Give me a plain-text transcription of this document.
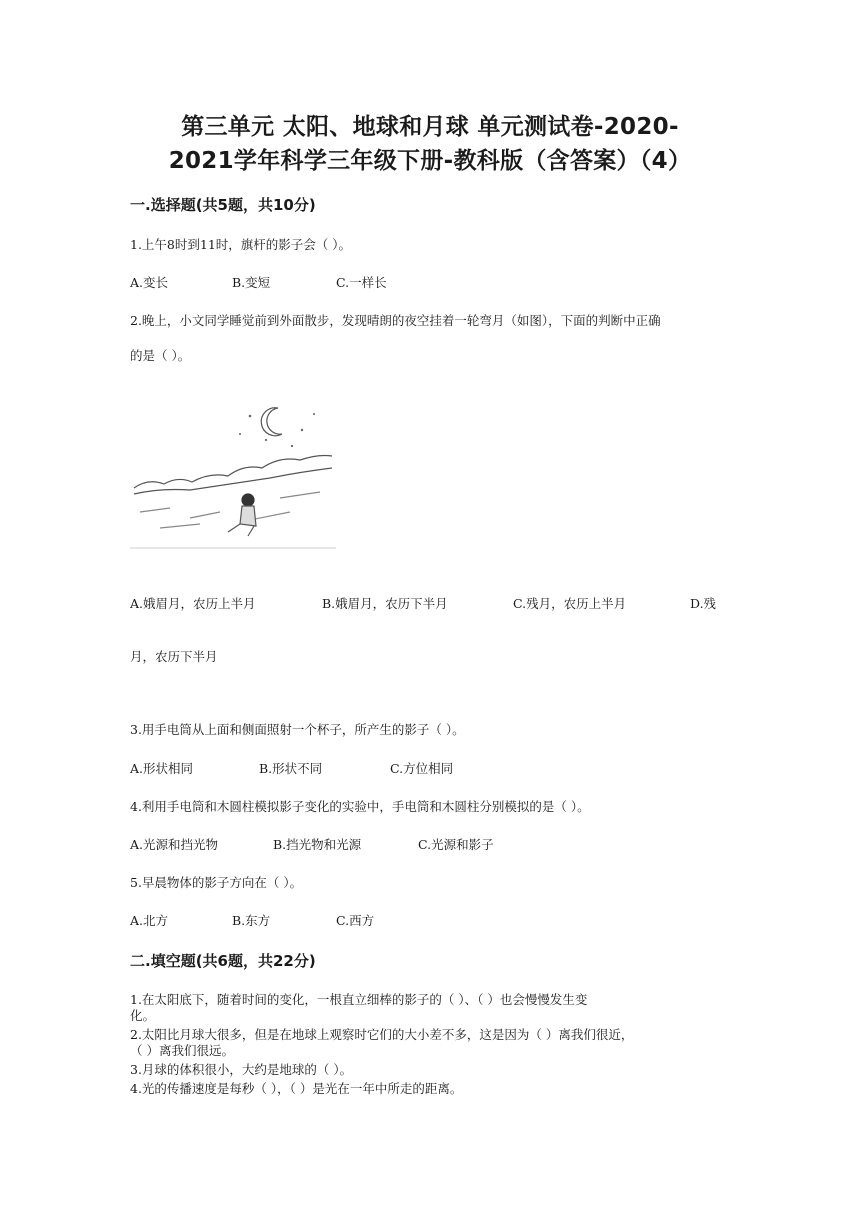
第三单元 太阳、地球和月球 单元测试卷-2020-
2021学年科学三年级下册-教科版（含答案）（4）
一.选择题(共5题，共10分)
1.上午8时到11时，旗杆的影子会（ ）。
A.变长	B.变短	C.一样长
2.晚上，小文同学睡觉前到外面散步，发现晴朗的夜空挂着一轮弯月（如图），下面的判断中正确
的是（ ）。
A.娥眉月，农历上半月	B.娥眉月，农历下半月	C.残月，农历上半月	D.残
月，农历下半月
3.用手电筒从上面和侧面照射一个杯子，所产生的影子（ ）。
A.形状相同	B.形状不同	C.方位相同
4.利用手电筒和木圆柱模拟影子变化的实验中，手电筒和木圆柱分别模拟的是（ ）。
A.光源和挡光物	B.挡光物和光源	C.光源和影子
5.早晨物体的影子方向在（ ）。
A.北方	B.东方	C.西方
二.填空题(共6题，共22分)
1.在太阳底下，随着时间的变化，一根直立细棒的影子的（ ）、（ ）也会慢慢发生变
化。
2.太阳比月球大很多，但是在地球上观察时它们的大小差不多，这是因为（ ）离我们很近，
（ ）离我们很远。
3.月球的体积很小，大约是地球的（ ）。
4.光的传播速度是每秒（ ），（ ）是光在一年中所走的距离。
